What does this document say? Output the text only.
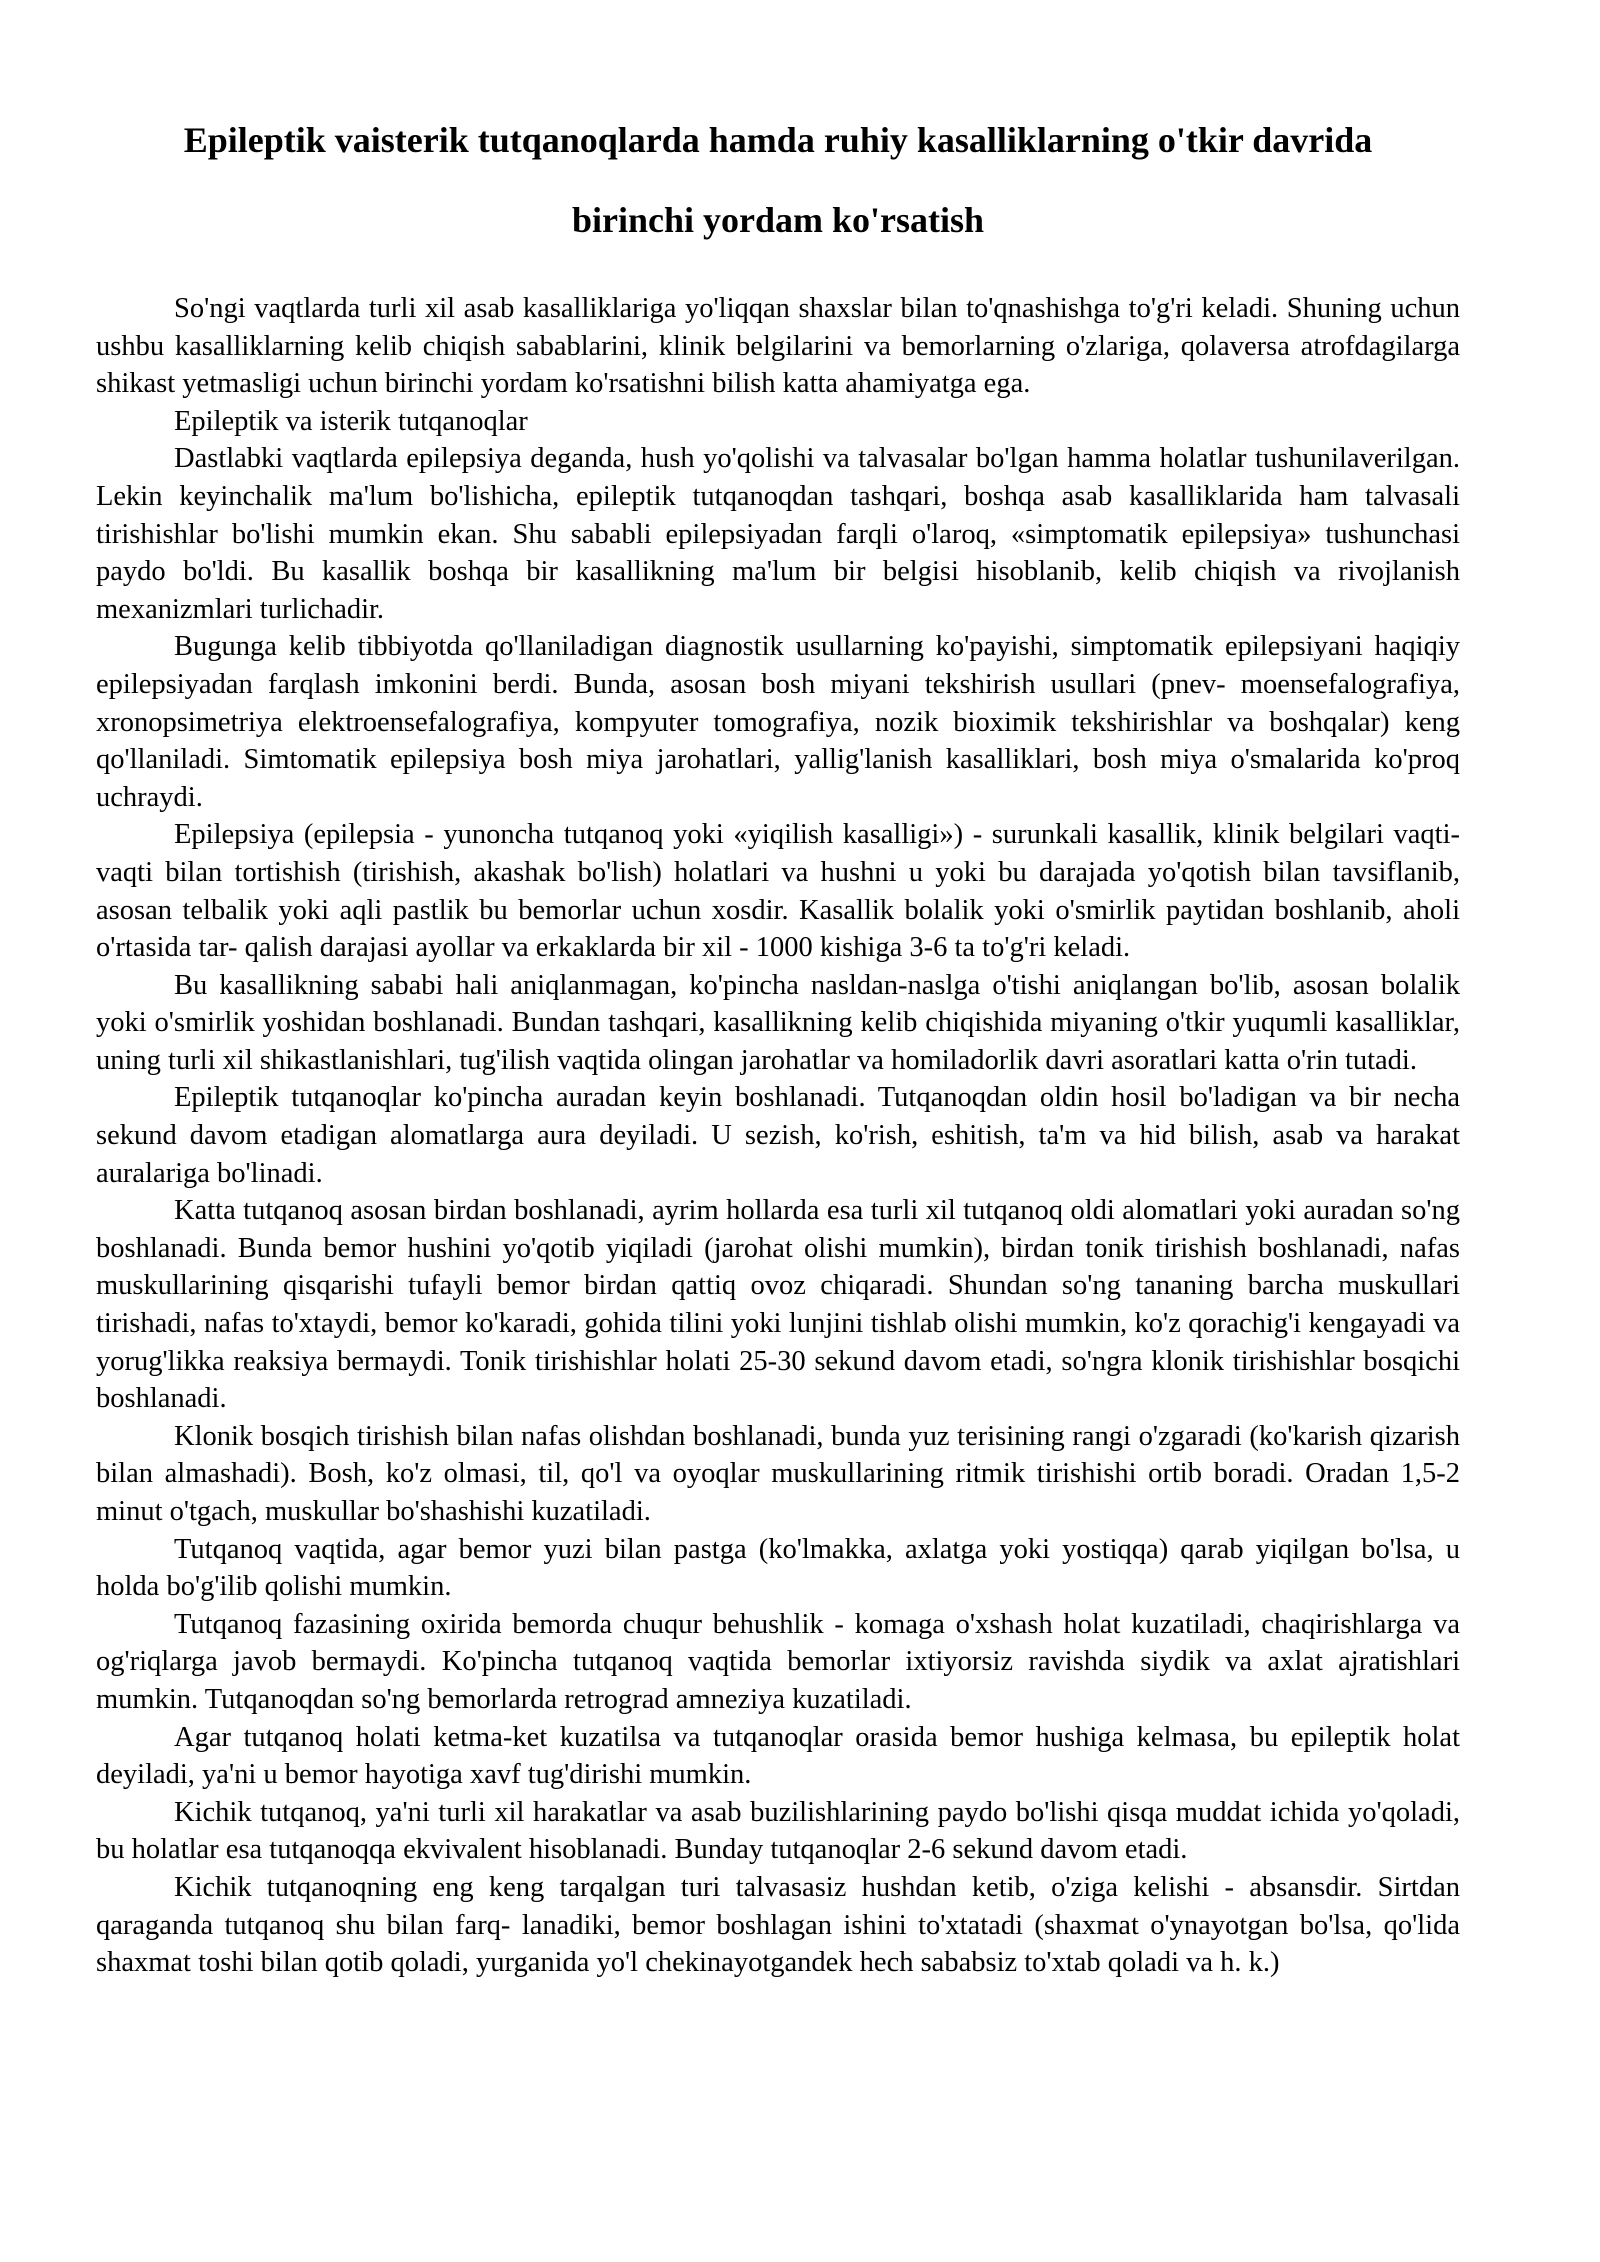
Epileptik vaisterik tutqanoqlarda hamda ruhiy kasalliklarning o'tkir davrida
birinchi yordam ko'rsatish

So'ngi vaqtlarda turli xil asab kasalliklariga yo'liqqan shaxslar bilan to'qnashishga to'g'ri keladi. Shuning uchun ushbu kasalliklarning kelib chiqish sabablarini, klinik belgilarini va bemorlarning o'zlariga, qolaversa atrofdagilarga shikast yetmasligi uchun birinchi yordam ko'rsatishni bilish katta ahamiyatga ega.

Epileptik va isterik tutqanoqlar

Dastlabki vaqtlarda epilepsiya deganda, hush yo'qolishi va talvasalar bo'lgan hamma holatlar tushunilaverilgan. Lekin keyinchalik ma'lum bo'lishicha, epileptik tutqanoqdan tashqari, boshqa asab kasalliklarida ham talvasali tirishishlar bo'lishi mumkin ekan. Shu sababli epilepsiyadan farqli o'laroq, «simptomatik epilepsiya» tushunchasi paydo bo'ldi. Bu kasallik boshqa bir kasallikning ma'lum bir belgisi hisoblanib, kelib chiqish va rivojlanish mexanizmlari turlichadir.

Bugunga kelib tibbiyotda qo'llaniladigan diagnostik usullarning ko'payishi, simptomatik epilepsiyani haqiqiy epilepsiyadan farqlash imkonini berdi. Bunda, asosan bosh miyani tekshirish usullari (pnev- moensefalografiya, xronopsimetriya elektroensefalografiya, kompyuter tomografiya, nozik bioximik tekshirishlar va boshqalar) keng qo'llaniladi. Simtomatik epilepsiya bosh miya jarohatlari, yallig'lanish kasalliklari, bosh miya o'smalarida ko'proq uchraydi.

Epilepsiya (epilepsia - yunoncha tutqanoq yoki «yiqilish kasalligi») - surunkali kasallik, klinik belgilari vaqti-vaqti bilan tortishish (tirishish, akashak bo'lish) holatlari va hushni u yoki bu darajada yo'qotish bilan tavsiflanib, asosan telbalik yoki aqli pastlik bu bemorlar uchun xosdir. Kasallik bolalik yoki o'smirlik paytidan boshlanib, aholi o'rtasida tar- qalish darajasi ayollar va erkaklarda bir xil - 1000 kishiga 3-6 ta to'g'ri keladi.

Bu kasallikning sababi hali aniqlanmagan, ko'pincha nasldan-naslga o'tishi aniqlangan bo'lib, asosan bolalik yoki o'smirlik yoshidan boshlanadi. Bundan tashqari, kasallikning kelib chiqishida miyaning o'tkir yuqumli kasalliklar, uning turli xil shikastlanishlari, tug'ilish vaqtida olingan jarohatlar va homiladorlik davri asoratlari katta o'rin tutadi.

Epileptik tutqanoqlar ko'pincha auradan keyin boshlanadi. Tutqanoqdan oldin hosil bo'ladigan va bir necha sekund davom etadigan alomatlarga aura deyiladi. U sezish, ko'rish, eshitish, ta'm va hid bilish, asab va harakat auralariga bo'linadi.

Katta tutqanoq asosan birdan boshlanadi, ayrim hollarda esa turli xil tutqanoq oldi alomatlari yoki auradan so'ng boshlanadi. Bunda bemor hushini yo'qotib yiqiladi (jarohat olishi mumkin), birdan tonik tirishish boshlanadi, nafas muskullarining qisqarishi tufayli bemor birdan qattiq ovoz chiqaradi. Shundan so'ng tananing barcha muskullari tirishadi, nafas to'xtaydi, bemor ko'karadi, gohida tilini yoki lunjini tishlab olishi mumkin, ko'z qorachig'i kengayadi va yorug'likka reaksiya bermaydi. Tonik tirishishlar holati 25-30 sekund davom etadi, so'ngra klonik tirishishlar bosqichi boshlanadi.

Klonik bosqich tirishish bilan nafas olishdan boshlanadi, bunda yuz terisining rangi o'zgaradi (ko'karish qizarish bilan almashadi). Bosh, ko'z olmasi, til, qo'l va oyoqlar muskullarining ritmik tirishishi ortib boradi. Oradan 1,5-2 minut o'tgach, muskullar bo'shashishi kuzatiladi.

Tutqanoq vaqtida, agar bemor yuzi bilan pastga (ko'lmakka, axlatga yoki yostiqqa) qarab yiqilgan bo'lsa, u holda bo'g'ilib qolishi mumkin.

Tutqanoq fazasining oxirida bemorda chuqur behushlik - komaga o'xshash holat kuzatiladi, chaqirishlarga va og'riqlarga javob bermaydi. Ko'pincha tutqanoq vaqtida bemorlar ixtiyorsiz ravishda siydik va axlat ajratishlari mumkin. Tutqanoqdan so'ng bemorlarda retrograd amneziya kuzatiladi.

Agar tutqanoq holati ketma-ket kuzatilsa va tutqanoqlar orasida bemor hushiga kelmasa, bu epileptik holat deyiladi, ya'ni u bemor hayotiga xavf tug'dirishi mumkin.

Kichik tutqanoq, ya'ni turli xil harakatlar va asab buzilishlarining paydo bo'lishi qisqa muddat ichida yo'qoladi, bu holatlar esa tutqanoqqa ekvivalent hisoblanadi. Bunday tutqanoqlar 2-6 sekund davom etadi.

Kichik tutqanoqning eng keng tarqalgan turi talvasasiz hushdan ketib, o'ziga kelishi - absansdir. Sirtdan qaraganda tutqanoq shu bilan farq- lanadiki, bemor boshlagan ishini to'xtatadi (shaxmat o'ynayotgan bo'lsa, qo'lida shaxmat toshi bilan qotib qoladi, yurganida yo'l chekinayotgandek hech sababsiz to'xtab qoladi va h. k.)
